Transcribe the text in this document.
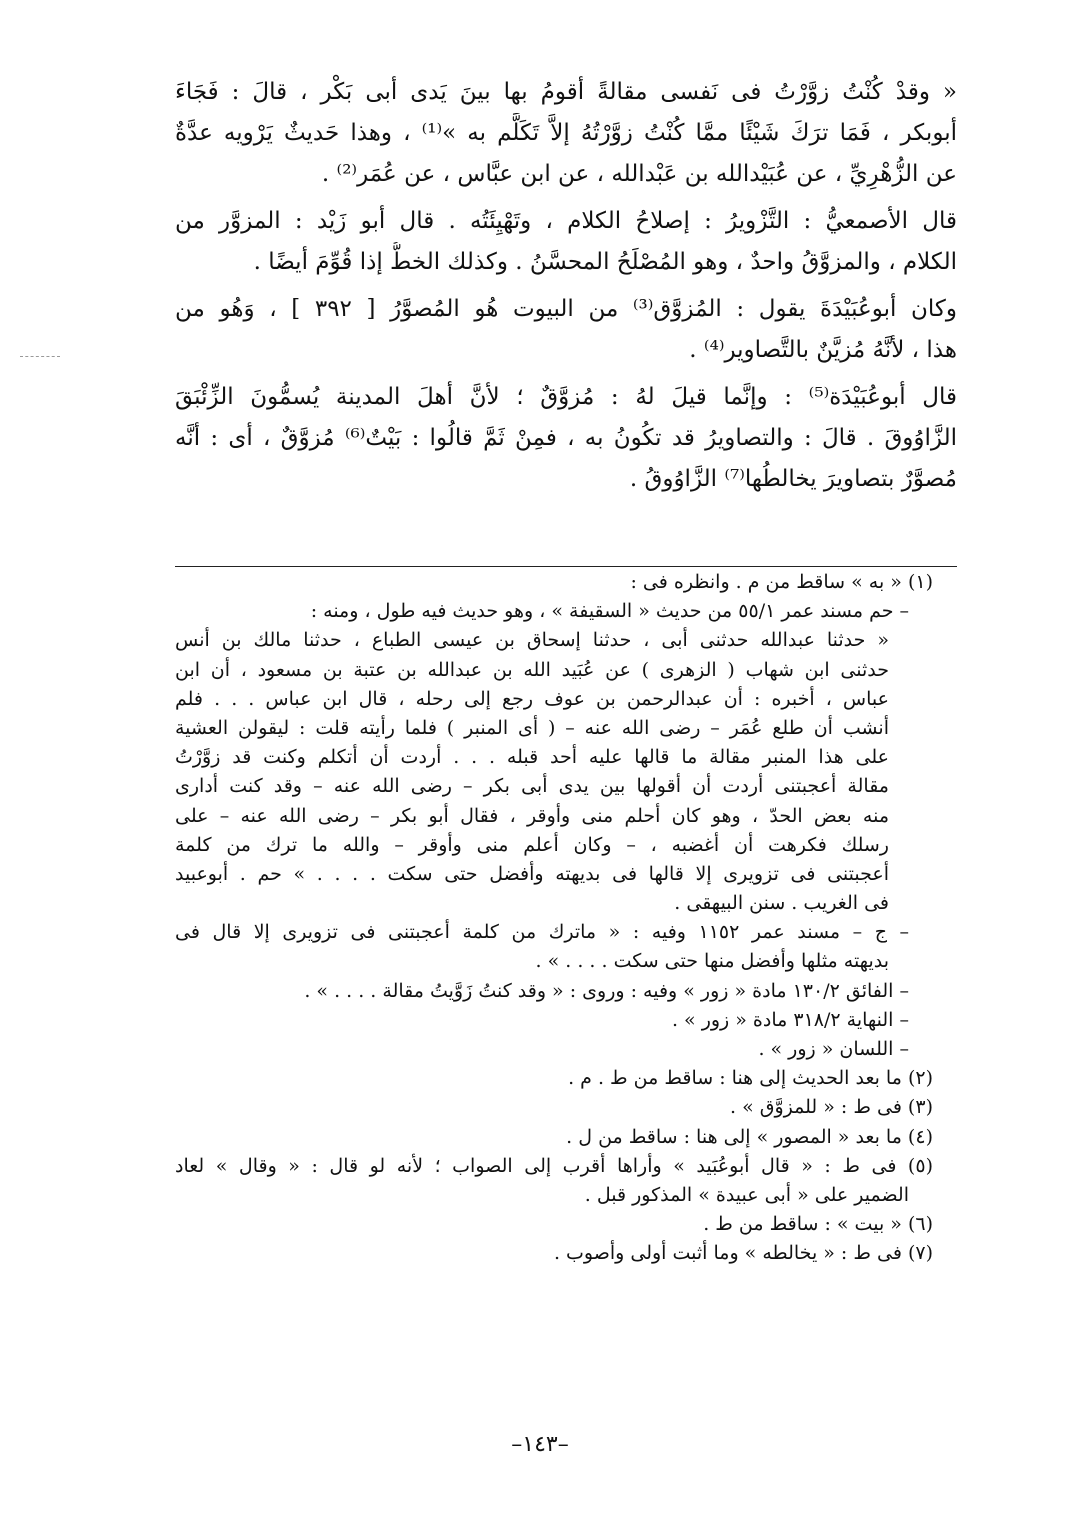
« وقدْ كُنْتُ زوَّرْتُ فى نَفسى مقالةً أقومُ بها بينَ يَدى أبى بَكْر ، قالَ : فَجَاءَ
أبوبكر ، فَمَا ترَكَ شَيْئًا ممَّا كُنْتُ زوَّرْتُهُ إلاَّ تَكَلَّم به »⁽¹⁾ ، وهذا حَديثٌ يَرْويه عدَّةٌ
عن الزُّهْرِيِّ ، عن عُبَيْدالله بن عَبْدالله ، عن ابن عبَّاس ، عن عُمَر⁽²⁾ .
قال الأصمعيُّ : التَّزْويرُ : إصلاحُ الكلام ، وتَهْيِئَتُه . قال أبو زَيْد : المزوَّر من
الكلام ، والمزوَّقُ واحدٌ ، وهو المُصْلَحُ المحسَّنُ . وكذلك الخطُّ إذا قُوِّمَ أيضًا .
وكان أبوعُبَيْدَةَ يقول : المُزوَّق⁽³⁾ من البيوت هُو المُصوَّرُ [ ٣٩٢ ] ، وَهُو من
هذا ، لأنَّهُ مُزيَّنٌ بالتَّصاوير⁽⁴⁾ .
قال أبوعُبَيْدَة⁽⁵⁾ : وإنَّما قيلَ لهُ : مُزوَّقٌ ؛ لأنَّ أهلَ المدينة يُسمُّونَ الزِّئْبَقَ
الزَّاوُوقَ . قالَ : والتصاويرُ قد تكُونُ به ، فمِنْ ثَمَّ قالُوا : بَيْتٌ⁽⁶⁾ مُزوَّقٌ ، أى : أنَّه
مُصوَّرٌ بتصاويرَ يخالطُها⁽⁷⁾ الزَّاوُوقُ .
(١) « به » ساقط من م . وانظره فى :
– حم مسند عمر ٥٥/١ من حديث « السقيفة » ، وهو حديث فيه طول ، ومنه :
« حدثنا عبدالله حدثنى أبى ، حدثنا إسحاق بن عيسى الطباع ، حدثنا مالك بن أنس
حدثنى ابن شهاب ( الزهرى ) عن عُبَيد الله بن عبدالله بن عتبة بن مسعود ، أن ابن
عباس ، أخبره : أن عبدالرحمن بن عوف رجع إلى رحله ، قال ابن عباس . . . فلم
أنشب أن طلع عُمَر – رضى الله عنه – ( أى المنبر ) فلما رأيته قلت : ليقولن العشية
على هذا المنبر مقالة ما قالها عليه أحد قبله . . . أردت أن أتكلم وكنت قد زوَّرْتُ
مقالة أعجبتنى أردت أن أقولها بين يدى أبى بكر – رضى الله عنه – وقد كنت أدارى
منه بعض الحدّ ، وهو كان أحلم منى وأوقر ، فقال أبو بكر – رضى الله عنه – على
رسلك فكرهت أن أغضبه ، – وكان أعلم منى وأوقر – والله ما ترك من كلمة
أعجبتنى فى تزويرى إلا قالها فى بديهته وأفضل حتى سكت . . . . » حم . أبوعبيد
فى الغريب . سنن البيهقى .
– ج – مسند عمر ١١٥٢ وفيه : « ماترك من كلمة أعجبتنى فى تزويرى إلا قال فى
بديهته مثلها وأفضل منها حتى سكت . . . . » .
– الفائق ١٣٠/٢ مادة « زور » وفيه : وروى : « وقد كنتُ زَوَّيتُ مقالة . . . . » .
– النهاية ٣١٨/٢ مادة « زور » .
– اللسان « زور » .
(٢) ما بعد الحديث إلى هنا : ساقط من ط . م .
(٣) فى ط : « للمزوَّق » .
(٤) ما بعد « المصور » إلى هنا : ساقط من ل .
(٥) فى ط : « قال أبوعُبَيد » وأراها أقرب إلى الصواب ؛ لأنه لو قال : « وقال » لعاد
الضمير على « أبى عبيدة » المذكور قبل .
(٦) « بيت » : ساقط من ط .
(٧) فى ط : « يخالطه » وما أثبت أولى وأصوب .
–١٤٣–
